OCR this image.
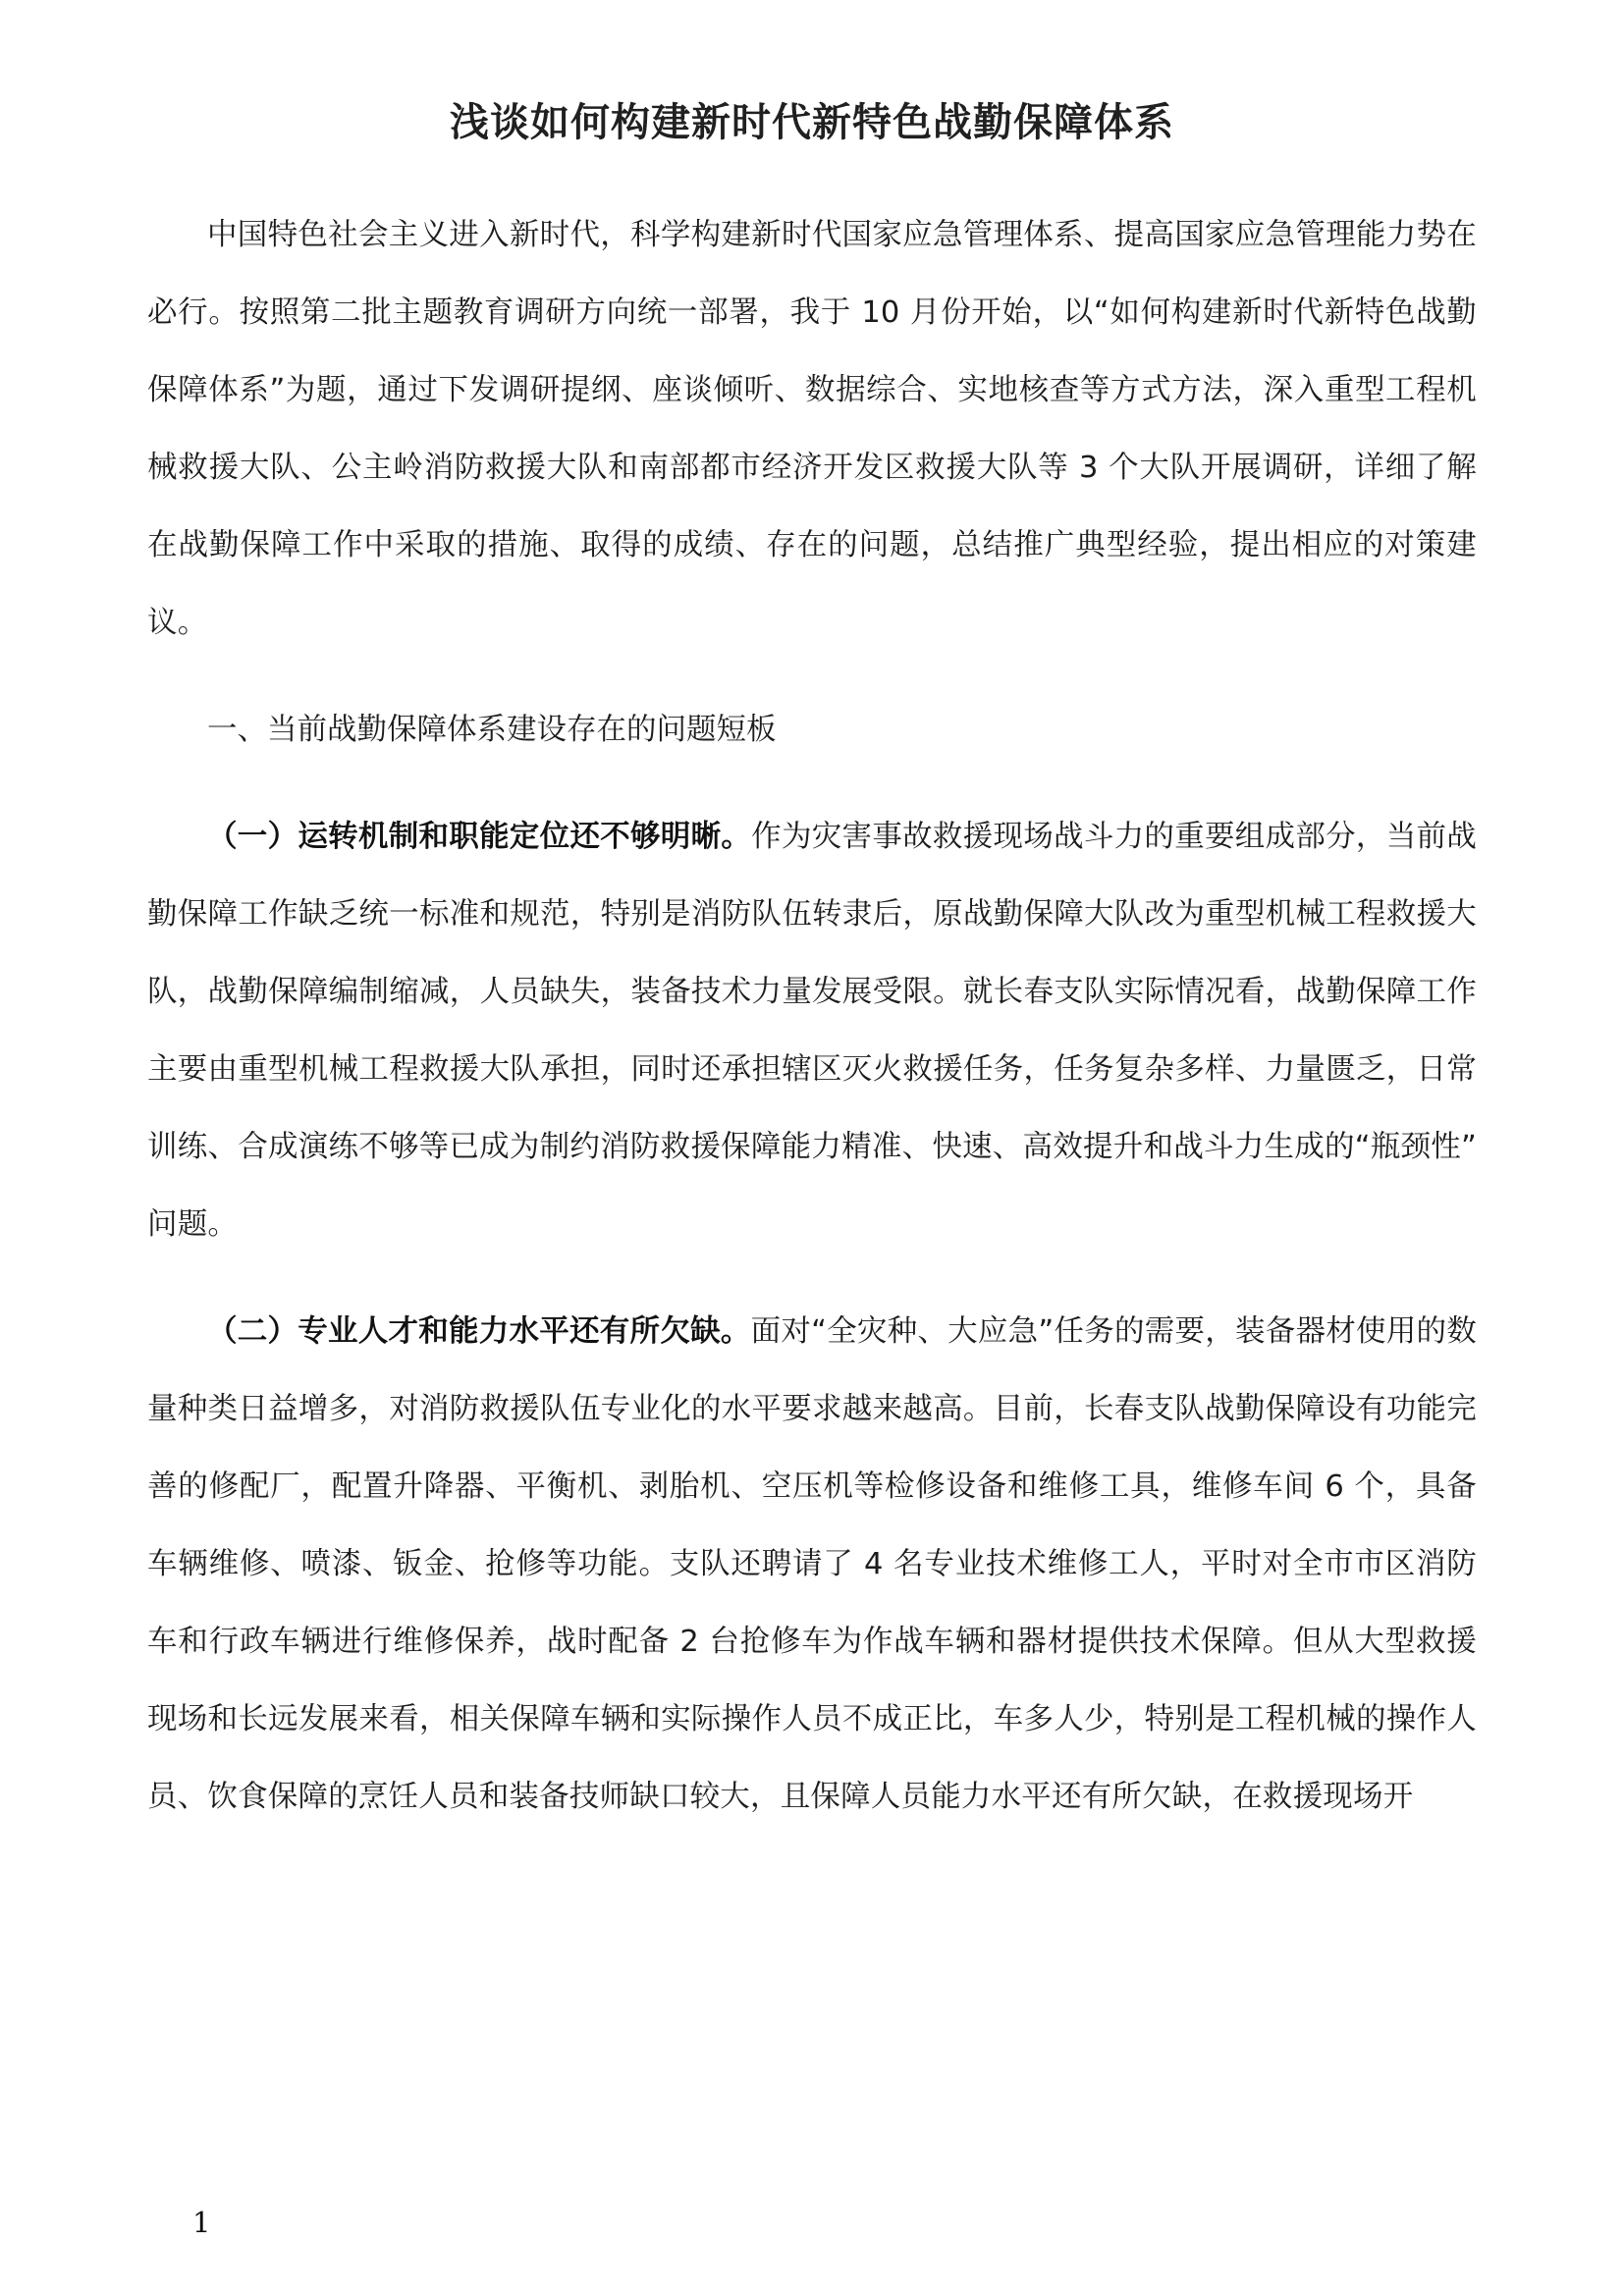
浅谈如何构建新时代新特色战勤保障体系

中国特色社会主义进入新时代，科学构建新时代国家应急管理体系、提高国家应急管理能力势在必行。按照第二批主题教育调研方向统一部署，我于 10 月份开始，以“如何构建新时代新特色战勤保障体系”为题，通过下发调研提纲、座谈倾听、数据综合、实地核查等方式方法，深入重型工程机械救援大队、公主岭消防救援大队和南部都市经济开发区救援大队等 3 个大队开展调研，详细了解在战勤保障工作中采取的措施、取得的成绩、存在的问题，总结推广典型经验，提出相应的对策建议。

一、当前战勤保障体系建设存在的问题短板

（一）运转机制和职能定位还不够明晰。作为灾害事故救援现场战斗力的重要组成部分，当前战勤保障工作缺乏统一标准和规范，特别是消防队伍转隶后，原战勤保障大队改为重型机械工程救援大队，战勤保障编制缩减，人员缺失，装备技术力量发展受限。就长春支队实际情况看，战勤保障工作主要由重型机械工程救援大队承担，同时还承担辖区灭火救援任务，任务复杂多样、力量匮乏，日常训练、合成演练不够等已成为制约消防救援保障能力精准、快速、高效提升和战斗力生成的“瓶颈性”问题。

（二）专业人才和能力水平还有所欠缺。面对“全灾种、大应急”任务的需要，装备器材使用的数量种类日益增多，对消防救援队伍专业化的水平要求越来越高。目前，长春支队战勤保障设有功能完善的修配厂，配置升降器、平衡机、剥胎机、空压机等检修设备和维修工具，维修车间 6 个，具备车辆维修、喷漆、钣金、抢修等功能。支队还聘请了 4 名专业技术维修工人，平时对全市市区消防车和行政车辆进行维修保养，战时配备 2 台抢修车为作战车辆和器材提供技术保障。但从大型救援现场和长远发展来看，相关保障车辆和实际操作人员不成正比，车多人少，特别是工程机械的操作人员、饮食保障的烹饪人员和装备技师缺口较大，且保障人员能力水平还有所欠缺，在救援现场开

1
